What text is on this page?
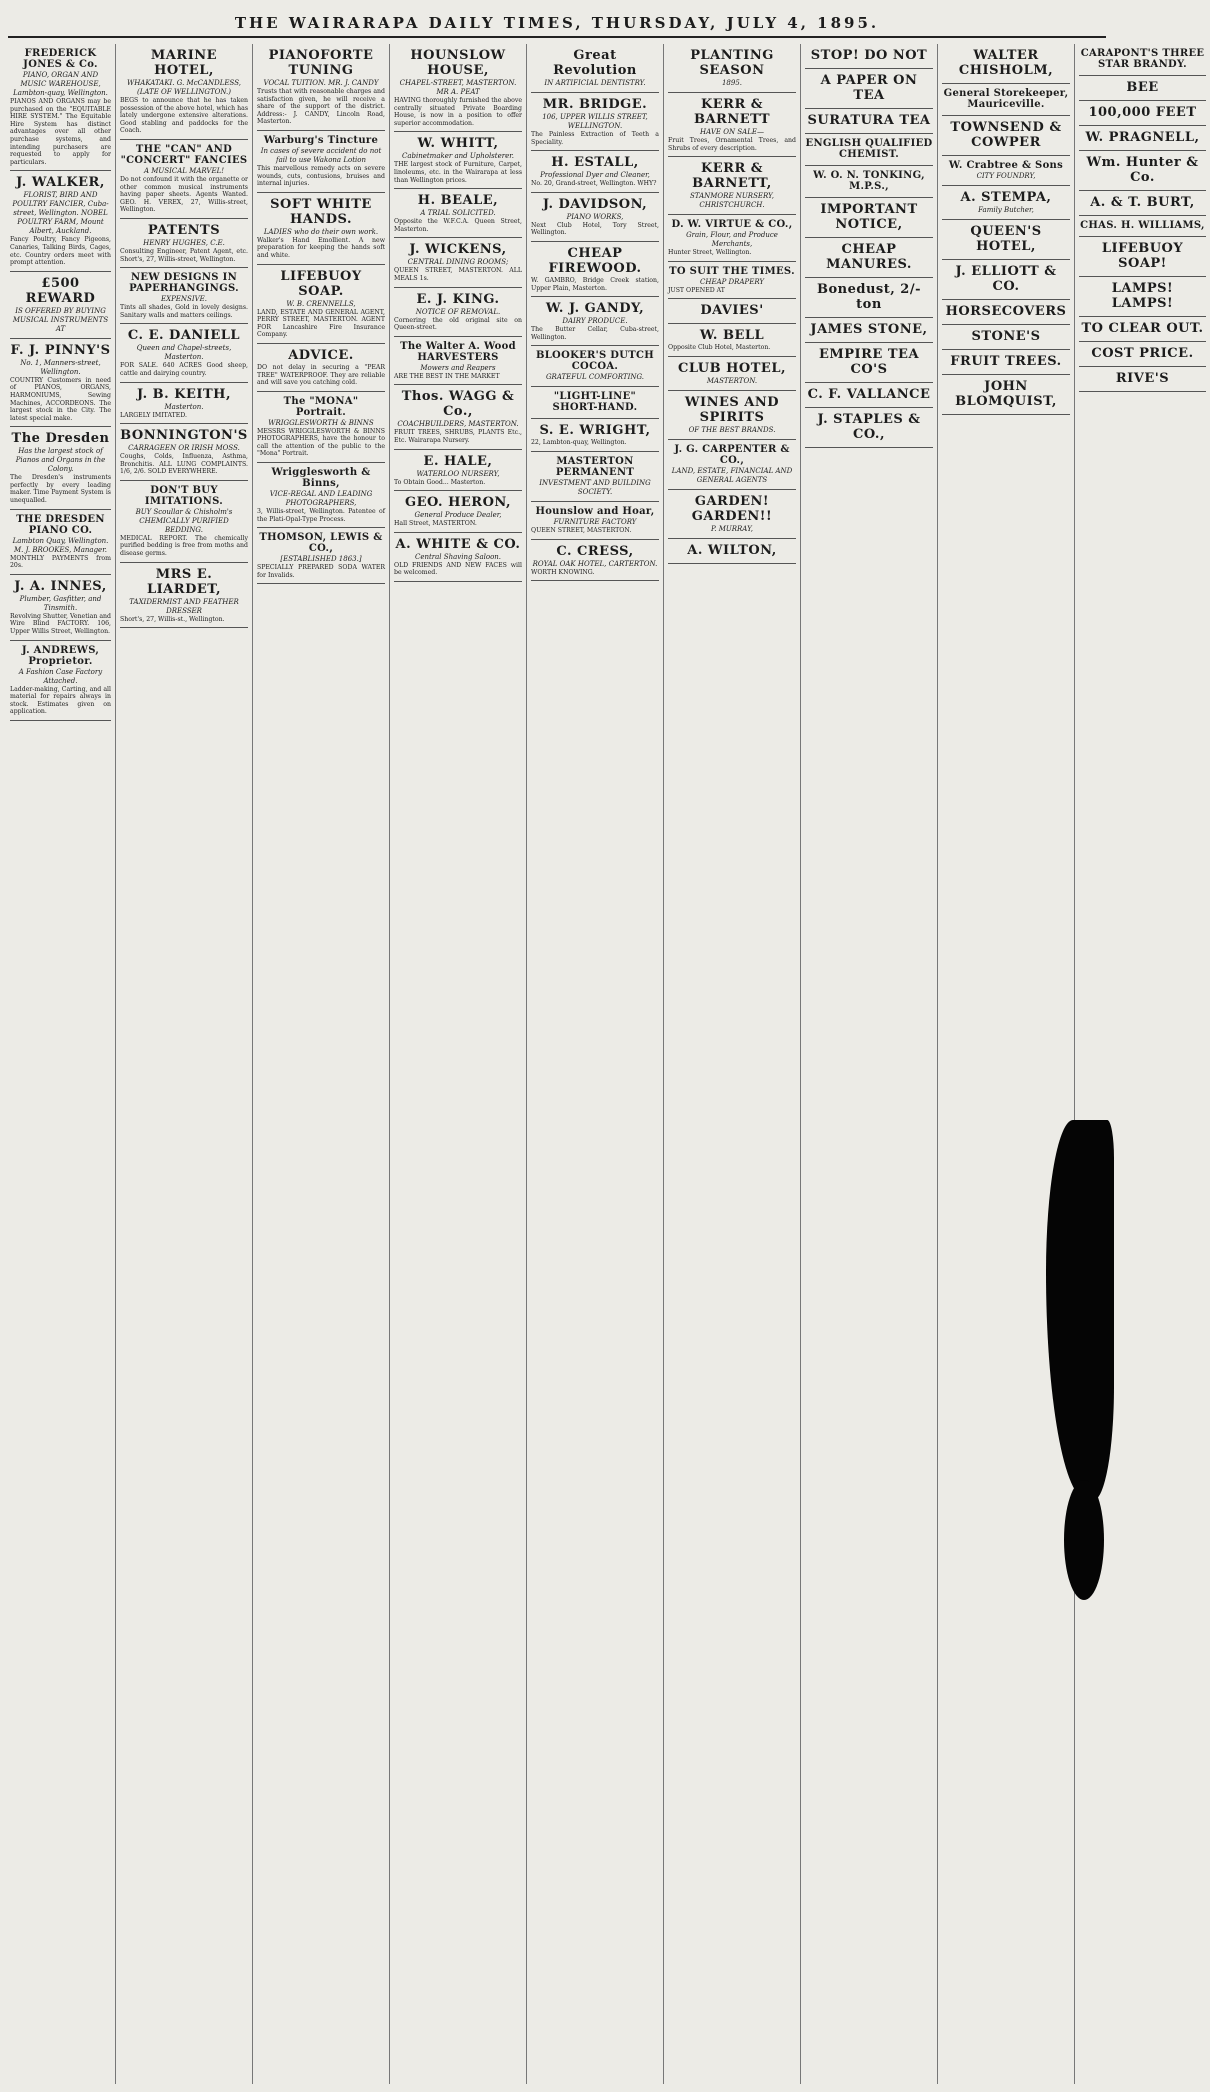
THE WAIRARAPA DAILY TIMES, THURSDAY, JULY 4, 1895.
FREDERICK JONES & Co.
PIANO, ORGAN AND MUSIC WAREHOUSE, Lambton-quay, Wellington.
PIANOS AND ORGANS may be purchased on the "EQUITABLE HIRE SYSTEM." The Equitable Hire System has distinct advantages over all other purchase systems, and intending purchasers are requested to apply for particulars.
J. WALKER,
FLORIST, BIRD AND POULTRY FANCIER, Cuba-street, Wellington. NOBEL POULTRY FARM, Mount Albert, Auckland.
Fancy Poultry, Fancy Pigeons, Canaries, Talking Birds, Cages, etc. Country orders meet with prompt attention.
£500 REWARD
IS OFFERED BY BUYING MUSICAL INSTRUMENTS AT
F. J. PINNY'S
No. 1, Manners-street, Wellington.
COUNTRY Customers in need of PIANOS, ORGANS, HARMONIUMS, Sewing Machines, ACCORDEONS. The largest stock in the City. The latest special make.
The Dresden
Has the largest stock of Pianos and Organs in the Colony.
The Dresden's instruments perfectly by every leading maker. Time Payment System is unequalled.
THE DRESDEN PIANO CO.
Lambton Quay, Wellington. M. J. BROOKES, Manager.
MONTHLY PAYMENTS from 20s.
J. A. INNES,
Plumber, Gasfitter, and Tinsmith.
Revolving Shutter, Venetian and Wire Blind FACTORY. 106, Upper Willis Street, Wellington.
J. ANDREWS, Proprietor.
A Fashion Case Factory Attached.
Ladder-making, Carting, and all material for repairs always in stock. Estimates given on application.
MARINE HOTEL,
WHAKATAKI. G. McCANDLESS, (LATE OF WELLINGTON.)
BEGS to announce that he has taken possession of the above hotel, which has lately undergone extensive alterations. Good stabling and paddocks for the Coach.
THE "CAN" AND "CONCERT" FANCIES
A MUSICAL MARVEL!
Do not confound it with the organette or other common musical instruments having paper sheets. Agents Wanted. GEO. H. VEREX, 27, Willis-street, Wellington.
PATENTS
HENRY HUGHES, C.E.
Consulting Engineer, Patent Agent, etc. Short's, 27, Willis-street, Wellington.
NEW DESIGNS IN PAPERHANGINGS.
EXPENSIVE.
Tints all shades, Gold in lovely designs. Sanitary walls and matters ceilings.
C. E. DANIELL
Queen and Chapel-streets, Masterton.
FOR SALE. 640 ACRES Good sheep, cattle and dairying country.
J. B. KEITH,
Masterton.
LARGELY IMITATED.
BONNINGTON'S
CARRAGEEN OR IRISH MOSS.
Coughs, Colds, Influenza, Asthma, Bronchitis. ALL LUNG COMPLAINTS. 1/6, 2/6. SOLD EVERYWHERE.
DON'T BUY IMITATIONS.
BUY Scoullar & Chisholm's CHEMICALLY PURIFIED BEDDING.
MEDICAL REPORT. The chemically purified bedding is free from moths and disease germs.
MRS E. LIARDET,
TAXIDERMIST AND FEATHER DRESSER
Short's, 27, Willis-st., Wellington.
PIANOFORTE TUNING
VOCAL TUITION. MR. J. CANDY
Trusts that with reasonable charges and satisfaction given, he will receive a share of the support of the district. Address:- J. CANDY, Lincoln Road, Masterton.
Warburg's Tincture
In cases of severe accident do not fail to use Wakona Lotion
This marvellous remedy acts on severe wounds, cuts, contusions, bruises and internal injuries.
SOFT WHITE HANDS.
LADIES who do their own work.
Walker's Hand Emollient. A new preparation for keeping the hands soft and white.
LIFEBUOY SOAP.
W. B. CRENNELLS,
LAND, ESTATE AND GENERAL AGENT, PERRY STREET, MASTERTON. AGENT FOR Lancashire Fire Insurance Company.
ADVICE.
DO not delay in securing a "PEAR TREE" WATERPROOF. They are reliable and will save you catching cold.
The "MONA" Portrait.
WRIGGLESWORTH & BINNS
MESSRS WRIGGLESWORTH & BINNS PHOTOGRAPHERS, have the honour to call the attention of the public to the "Mona" Portrait.
Wrigglesworth & Binns,
VICE-REGAL AND LEADING PHOTOGRAPHERS,
3, Willis-street, Wellington. Patentee of the Plati-Opal-Type Process.
THOMSON, LEWIS & CO.,
[ESTABLISHED 1863.]
SPECIALLY PREPARED SODA WATER for Invalids.
HOUNSLOW HOUSE,
CHAPEL-STREET, MASTERTON. MR A. PEAT
HAVING thoroughly furnished the above centrally situated Private Boarding House, is now in a position to offer superior accommodation.
W. WHITT,
Cabinetmaker and Upholsterer.
THE largest stock of Furniture, Carpet, linoleums, etc. in the Wairarapa at less than Wellington prices.
H. BEALE,
A TRIAL SOLICITED.
Opposite the W.F.C.A. Queen Street, Masterton.
J. WICKENS,
CENTRAL DINING ROOMS;
QUEEN STREET, MASTERTON. ALL MEALS 1s.
E. J. KING.
NOTICE OF REMOVAL.
Cornering the old original site on Queen-street.
The Walter A. Wood HARVESTERS
Mowers and Reapers
ARE THE BEST IN THE MARKET
Thos. WAGG & Co.,
COACHBUILDERS, MASTERTON.
FRUIT TREES, SHRUBS, PLANTS Etc., Etc. Wairarapa Nursery.
E. HALE,
WATERLOO NURSERY,
To Obtain Good... Masterton.
GEO. HERON,
General Produce Dealer,
Hall Street, MASTERTON.
A. WHITE & CO.
Central Shaving Saloon.
OLD FRIENDS AND NEW FACES will be welcomed.
Great Revolution
IN ARTIFICIAL DENTISTRY.
MR. BRIDGE.
106, UPPER WILLIS STREET, WELLINGTON.
The Painless Extraction of Teeth a Speciality.
H. ESTALL,
Professional Dyer and Cleaner,
No. 20, Grand-street, Wellington. WHY?
J. DAVIDSON,
PIANO WORKS,
Next Club Hotel, Tory Street, Wellington.
CHEAP FIREWOOD.
W. GAMBRO, Bridge Creek station, Upper Plain, Masterton.
W. J. GANDY,
DAIRY PRODUCE.
The Butter Cellar, Cuba-street, Wellington.
BLOOKER'S DUTCH COCOA.
GRATEFUL COMFORTING.
"LIGHT-LINE" SHORT-HAND.
S. E. WRIGHT,
22, Lambton-quay, Wellington.
MASTERTON PERMANENT
INVESTMENT AND BUILDING SOCIETY.
Hounslow and Hoar,
FURNITURE FACTORY
QUEEN STREET, MASTERTON.
C. CRESS,
ROYAL OAK HOTEL, CARTERTON.
WORTH KNOWING.
PLANTING SEASON
1895.
KERR & BARNETT
HAVE ON SALE—
Fruit Trees, Ornamental Trees, and Shrubs of every description.
KERR & BARNETT,
STANMORE NURSERY, CHRISTCHURCH.
D. W. VIRTUE & CO.,
Grain, Flour, and Produce Merchants,
Hunter Street, Wellington.
TO SUIT THE TIMES.
CHEAP DRAPERY
JUST OPENED AT
DAVIES'
W. BELL
Opposite Club Hotel, Masterton.
CLUB HOTEL,
MASTERTON.
WINES AND SPIRITS
OF THE BEST BRANDS.
J. G. CARPENTER & CO.,
LAND, ESTATE, FINANCIAL AND GENERAL AGENTS
GARDEN! GARDEN!!
P. MURRAY,
A. WILTON,
STOP! DO NOT
A PAPER ON TEA
SURATURA TEA
ENGLISH QUALIFIED CHEMIST.
W. O. N. TONKING, M.P.S.,
IMPORTANT NOTICE,
CHEAP MANURES.
Bonedust, 2/- ton
JAMES STONE,
EMPIRE TEA CO'S
C. F. VALLANCE
J. STAPLES & CO.,
WALTER CHISHOLM,
General Storekeeper, Mauriceville.
TOWNSEND & COWPER
W. Crabtree & Sons
CITY FOUNDRY,
A. STEMPA,
Family Butcher,
QUEEN'S HOTEL,
J. ELLIOTT & CO.
HORSECOVERS
STONE'S
FRUIT TREES.
JOHN BLOMQUIST,
CARAPONT'S THREE STAR BRANDY.
BEE
100,000 FEET
W. PRAGNELL,
Wm. Hunter & Co.
A. & T. BURT,
CHAS. H. WILLIAMS,
LIFEBUOY SOAP!
LAMPS! LAMPS!
TO CLEAR OUT.
COST PRICE.
RIVE'S
